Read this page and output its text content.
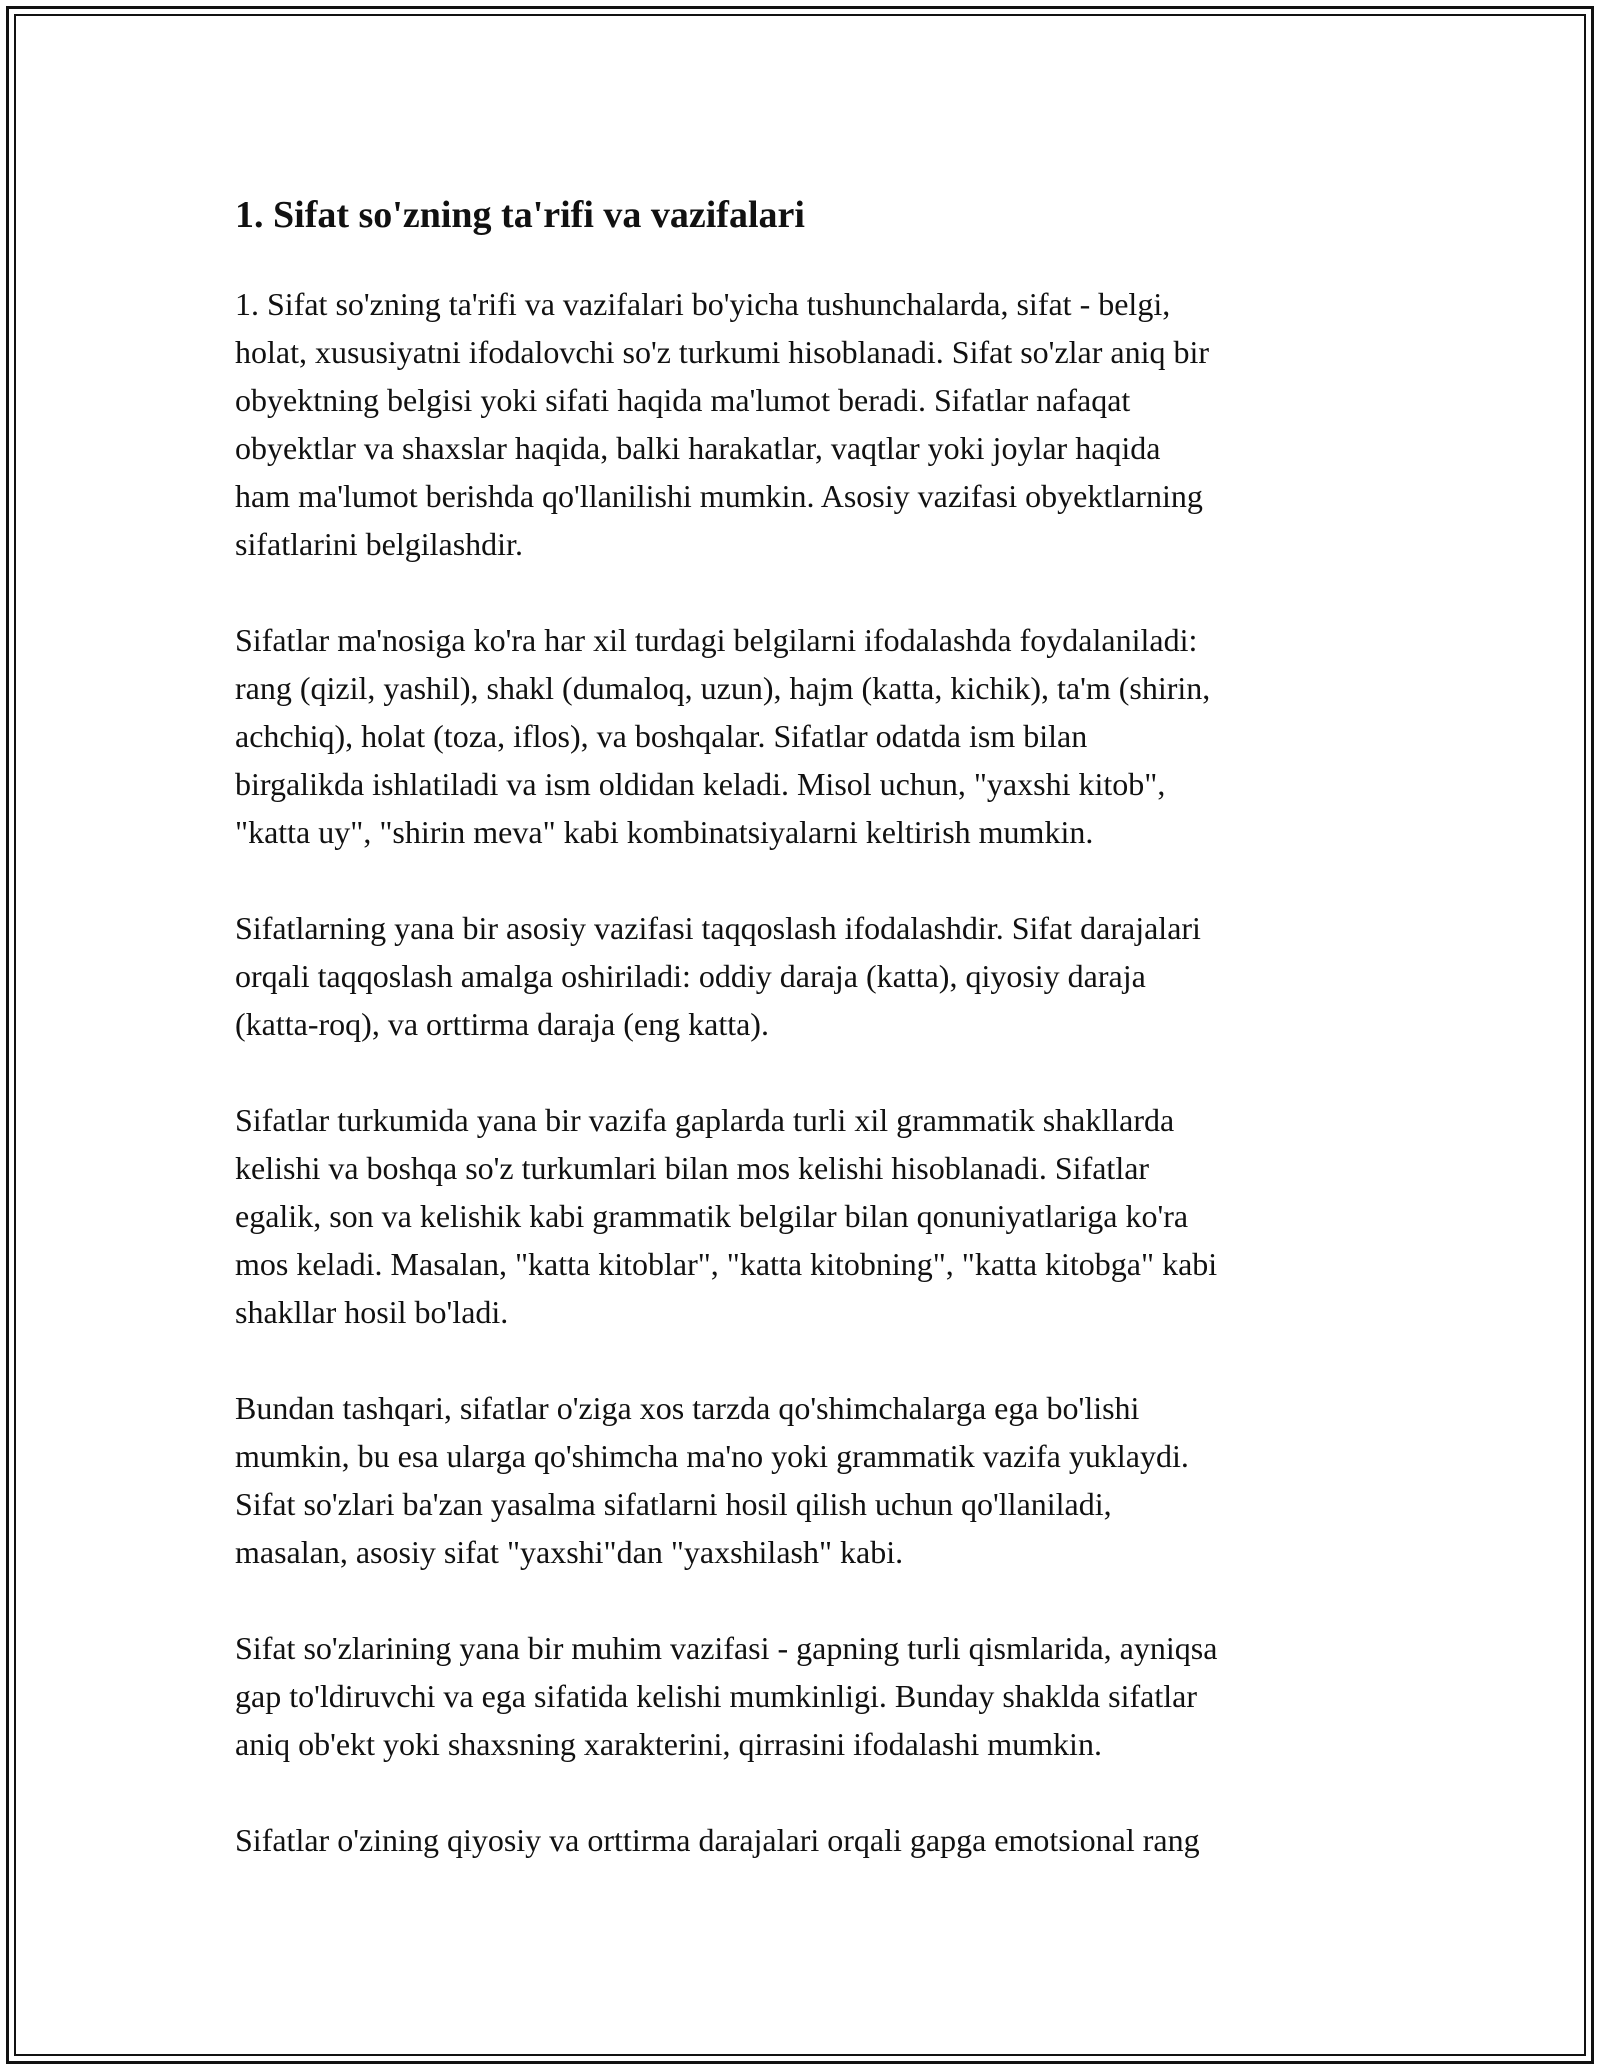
1. Sifat so'zning ta'rifi va vazifalari

1. Sifat so'zning ta'rifi va vazifalari bo'yicha tushunchalarda, sifat - belgi,
holat, xususiyatni ifodalovchi so'z turkumi hisoblanadi. Sifat so'zlar aniq bir
obyektning belgisi yoki sifati haqida ma'lumot beradi. Sifatlar nafaqat
obyektlar va shaxslar haqida, balki harakatlar, vaqtlar yoki joylar haqida
ham ma'lumot berishda qo'llanilishi mumkin. Asosiy vazifasi obyektlarning
sifatlarini belgilashdir.

Sifatlar ma'nosiga ko'ra har xil turdagi belgilarni ifodalashda foydalaniladi:
rang (qizil, yashil), shakl (dumaloq, uzun), hajm (katta, kichik), ta'm (shirin,
achchiq), holat (toza, iflos), va boshqalar. Sifatlar odatda ism bilan
birgalikda ishlatiladi va ism oldidan keladi. Misol uchun, "yaxshi kitob",
"katta uy", "shirin meva" kabi kombinatsiyalarni keltirish mumkin.

Sifatlarning yana bir asosiy vazifasi taqqoslash ifodalashdir. Sifat darajalari
orqali taqqoslash amalga oshiriladi: oddiy daraja (katta), qiyosiy daraja
(katta-roq), va orttirma daraja (eng katta).

Sifatlar turkumida yana bir vazifa gaplarda turli xil grammatik shakllarda
kelishi va boshqa so'z turkumlari bilan mos kelishi hisoblanadi. Sifatlar
egalik, son va kelishik kabi grammatik belgilar bilan qonuniyatlariga ko'ra
mos keladi. Masalan, "katta kitoblar", "katta kitobning", "katta kitobga" kabi
shakllar hosil bo'ladi.

Bundan tashqari, sifatlar o'ziga xos tarzda qo'shimchalarga ega bo'lishi
mumkin, bu esa ularga qo'shimcha ma'no yoki grammatik vazifa yuklaydi.
Sifat so'zlari ba'zan yasalma sifatlarni hosil qilish uchun qo'llaniladi,
masalan, asosiy sifat "yaxshi"dan "yaxshilash" kabi.

Sifat so'zlarining yana bir muhim vazifasi - gapning turli qismlarida, ayniqsa
gap to'ldiruvchi va ega sifatida kelishi mumkinligi. Bunday shaklda sifatlar
aniq ob'ekt yoki shaxsning xarakterini, qirrasini ifodalashi mumkin.

Sifatlar o'zining qiyosiy va orttirma darajalari orqali gapga emotsional rang
